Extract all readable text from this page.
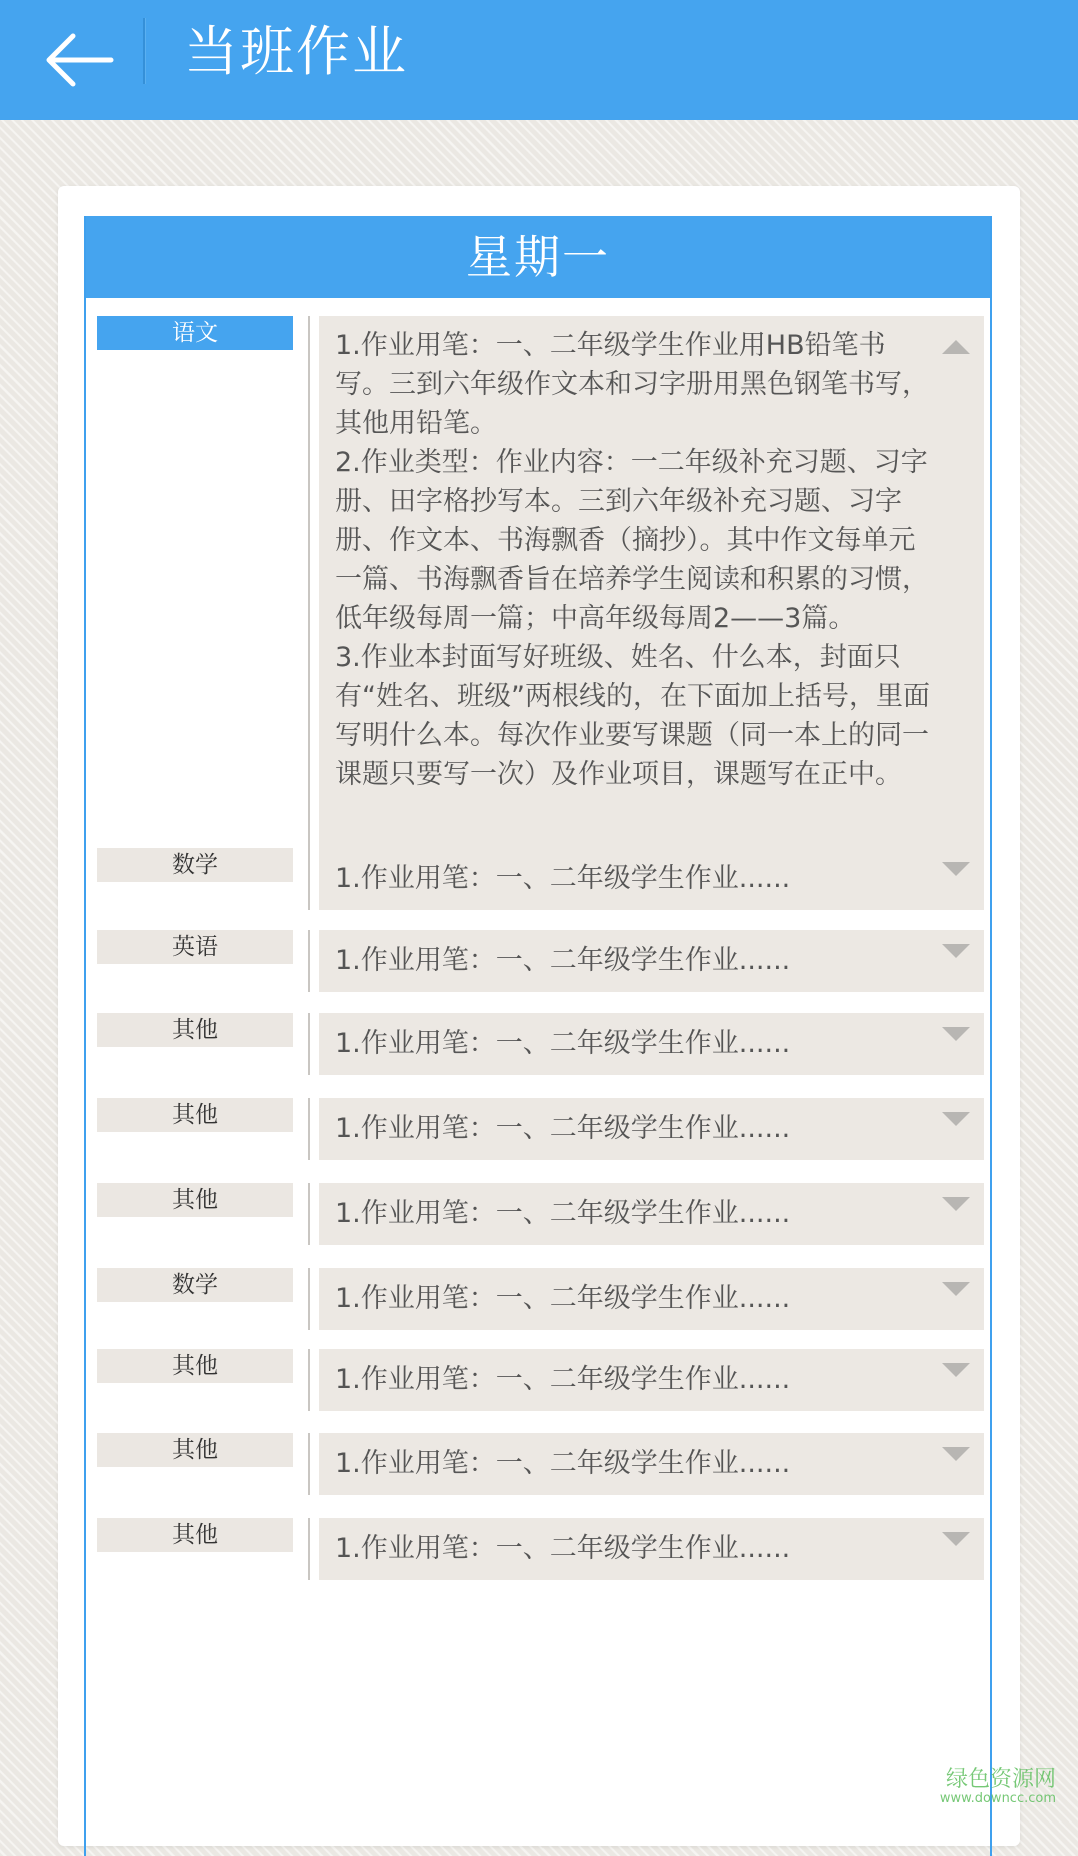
当班作业
星期一
语文	1.作业用笔：一、二年级学生作业用HB铅笔书写。三到六年级作文本和习字册用黑色钢笔书写，其他用铅笔。
2.作业类型：作业内容：一二年级补充习题、习字册、田字格抄写本。三到六年级补充习题、习字册、作文本、书海飘香（摘抄）。其中作文每单元一篇、书海飘香旨在培养学生阅读和积累的习惯，低年级每周一篇；中高年级每周2——3篇。
3.作业本封面写好班级、姓名、什么本，封面只有“姓名、班级”两根线的，在下面加上括号，里面写明什么本。每次作业要写课题（同一本上的同一课题只要写一次）及作业项目，课题写在正中。
数学	1.作业用笔：一、二年级学生作业......
英语	1.作业用笔：一、二年级学生作业......
其他	1.作业用笔：一、二年级学生作业......
其他	1.作业用笔：一、二年级学生作业......
其他	1.作业用笔：一、二年级学生作业......
数学	1.作业用笔：一、二年级学生作业......
其他	1.作业用笔：一、二年级学生作业......
其他	1.作业用笔：一、二年级学生作业......
其他	1.作业用笔：一、二年级学生作业......
绿色资源网
www.downcc.com
